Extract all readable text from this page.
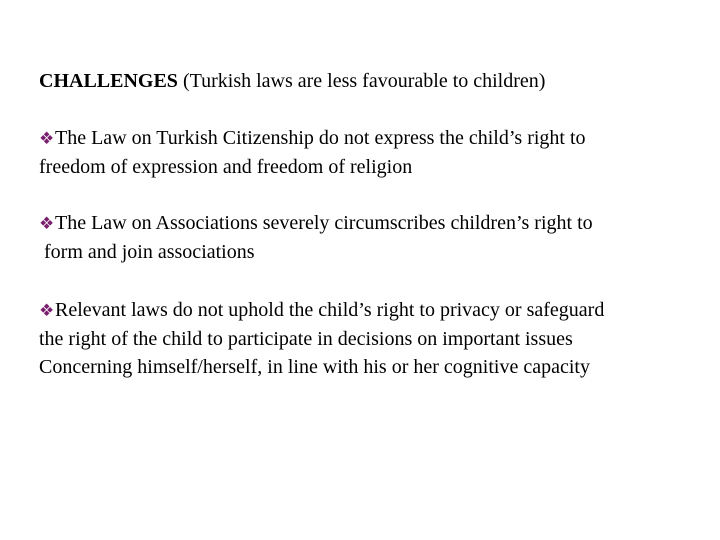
CHALLENGES (Turkish laws are less favourable to children)
❖The Law on Turkish Citizenship do not express the child’s right to
freedom of expression and freedom of religion
❖The Law on Associations severely circumscribes children’s right to
form and join associations
❖Relevant laws do not uphold the child’s right to privacy or safeguard
the right of the child to participate in decisions on important issues
Concerning himself/herself, in line with his or her cognitive capacity
